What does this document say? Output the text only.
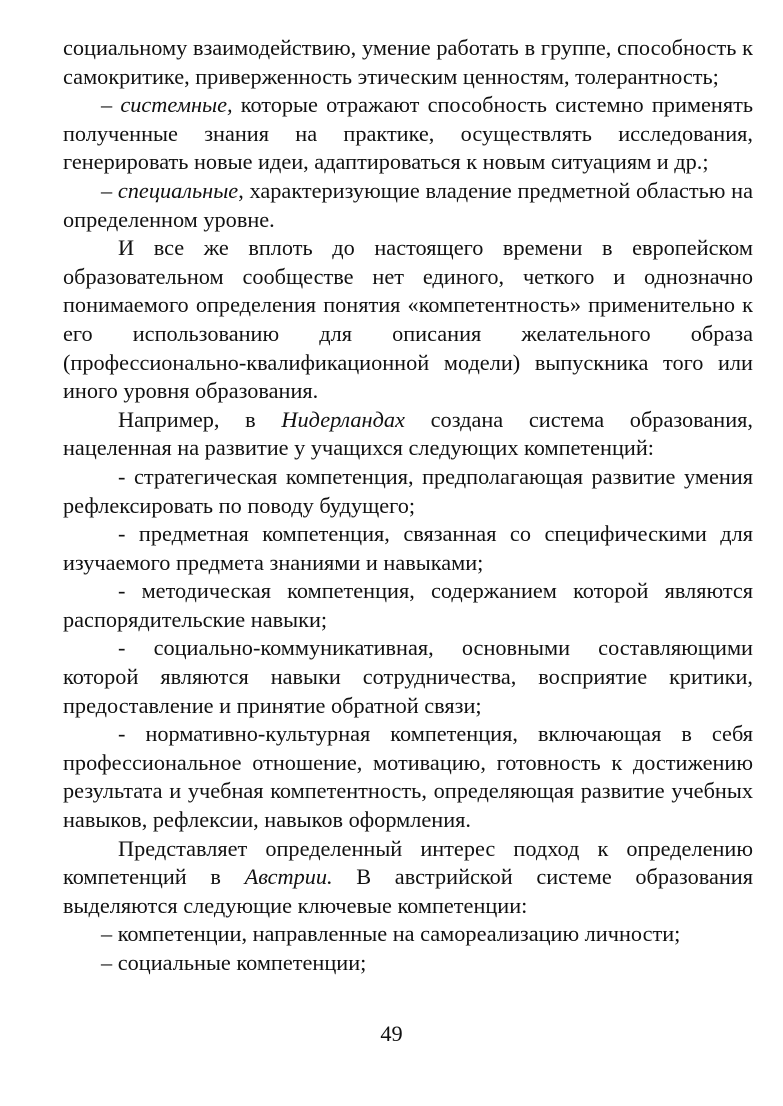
социальному взаимодействию, умение работать в группе, способность к самокритике, приверженность этическим ценностям, толерантность;

– системные, которые отражают способность системно применять полученные знания на практике, осуществлять исследования, генерировать новые идеи, адаптироваться к новым ситуациям и др.;

– специальные, характеризующие владение предметной областью на определенном уровне.

И все же вплоть до настоящего времени в европейском образовательном сообществе нет единого, четкого и однозначно понимаемого определения понятия «компетентность» применительно к его использованию для описания желательного образа (профессионально-квалификационной модели) выпускника того или иного уровня образования.

Например, в Нидерландах создана система образования, нацеленная на развитие у учащихся следующих компетенций:

- стратегическая компетенция, предполагающая развитие умения рефлексировать по поводу будущего;

- предметная компетенция, связанная со специфическими для изучаемого предмета знаниями и навыками;

- методическая компетенция, содержанием которой являются распорядительские навыки;

- социально-коммуникативная, основными составляющими которой являются навыки сотрудничества, восприятие критики, предоставление и принятие обратной связи;

- нормативно-культурная компетенция, включающая в себя профессиональное отношение, мотивацию, готовность к достижению результата и учебная компетентность, определяющая развитие учебных навыков, рефлексии, навыков оформления.

Представляет определенный интерес подход к определению компетенций в Австрии. В австрийской системе образования выделяются следующие ключевые компетенции:

– компетенции, направленные на самореализацию личности;

– социальные компетенции;

49
